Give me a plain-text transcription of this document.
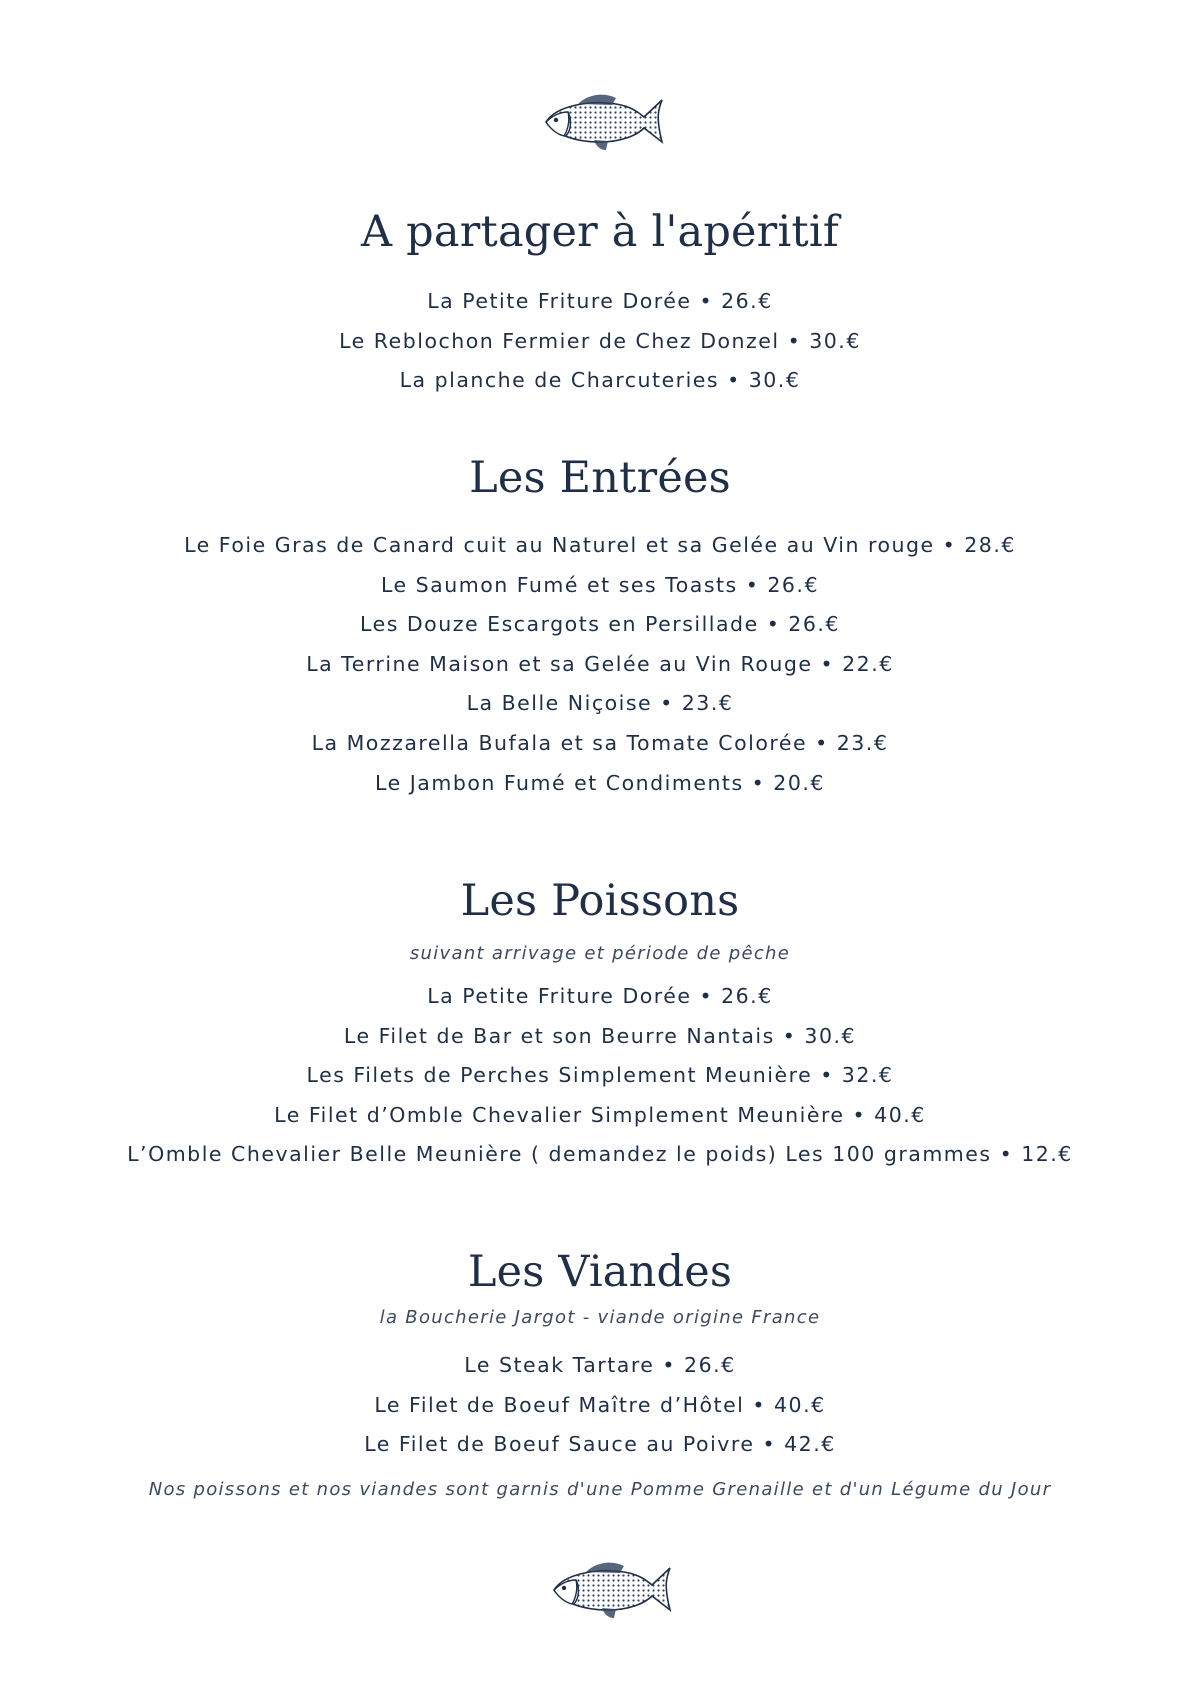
A partager à l'apéritif
La Petite Friture Dorée • 26.€
Le Reblochon Fermier de Chez Donzel • 30.€
La planche de Charcuteries • 30.€
Les Entrées
Le Foie Gras de Canard cuit au Naturel et sa Gelée au Vin rouge • 28.€
Le Saumon Fumé et ses Toasts • 26.€
Les Douze Escargots en Persillade • 26.€
La Terrine Maison et sa Gelée au Vin Rouge • 22.€
La Belle Niçoise • 23.€
La Mozzarella Bufala et sa Tomate Colorée • 23.€
Le Jambon Fumé et Condiments • 20.€
Les Poissons
suivant arrivage et période de pêche
La Petite Friture Dorée • 26.€
Le Filet de Bar et son Beurre Nantais • 30.€
Les Filets de Perches Simplement Meunière • 32.€
Le Filet d’Omble Chevalier Simplement Meunière • 40.€
L’Omble Chevalier Belle Meunière ( demandez le poids) Les 100 grammes • 12.€
Les Viandes
la Boucherie Jargot - viande origine France
Le Steak Tartare • 26.€
Le Filet de Boeuf Maître d’Hôtel • 40.€
Le Filet de Boeuf Sauce au Poivre • 42.€
Nos poissons et nos viandes sont garnis d'une Pomme Grenaille et d'un Légume du Jour
